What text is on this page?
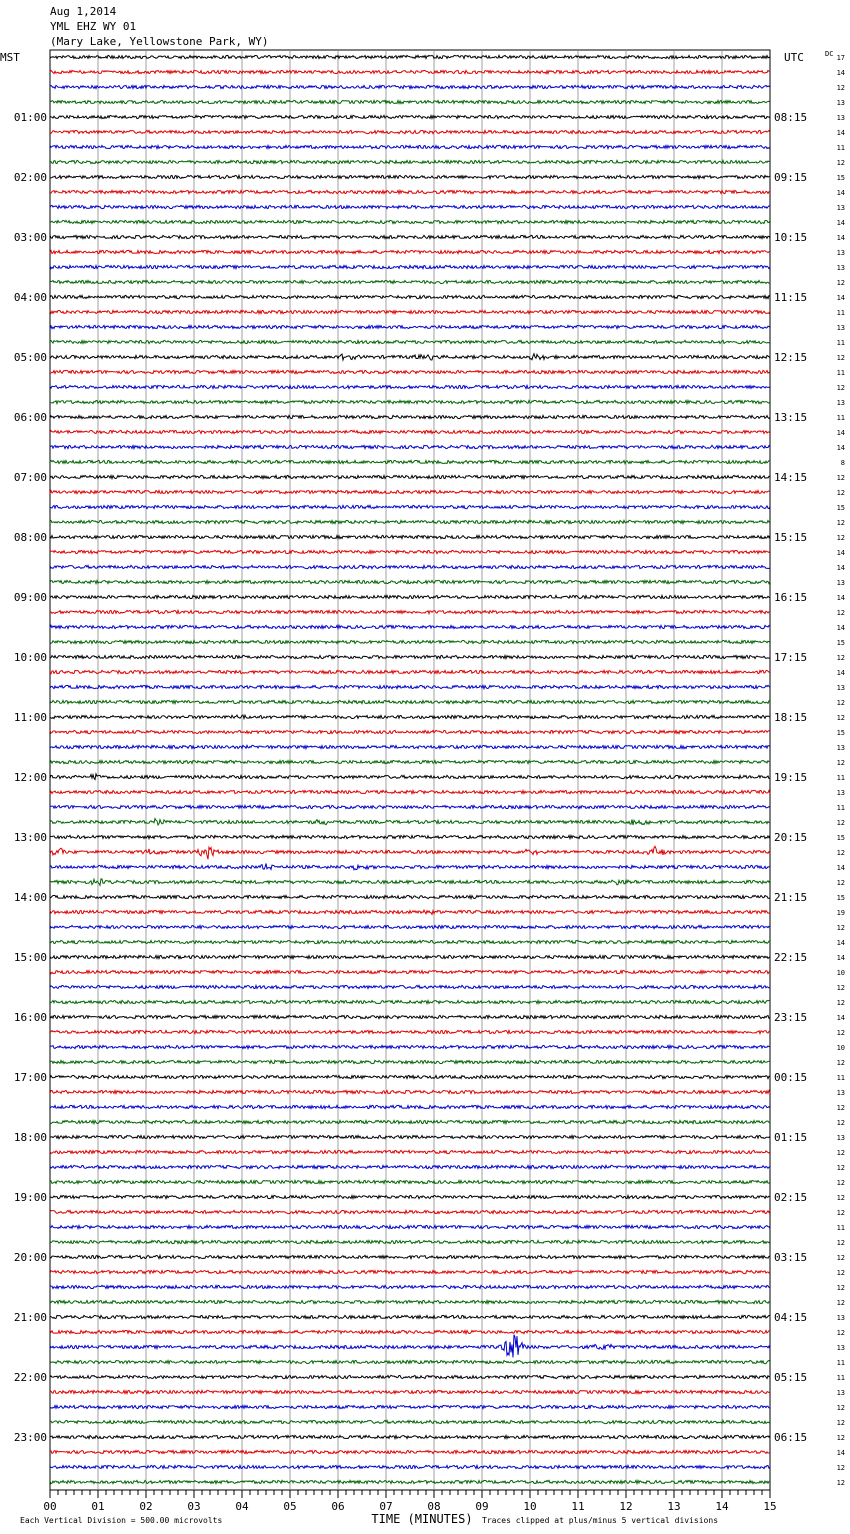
Aug 1,2014
YML EHZ WY 01
(Mary Lake, Yellowstone Park, WY)
MST	UTC
01:00
02:00
03:00
04:00
05:00
06:00
07:00
08:00
09:00
10:00
11:00
12:00
13:00
14:00
15:00
16:00
17:00
18:00
19:00
20:00
21:00
22:00
23:00
08:15
09:15
10:15
11:15
12:15
13:15
14:15
15:15
16:15
17:15
18:15
19:15
20:15
21:15
22:15
23:15
00:15
01:15
02:15
03:15
04:15
05:15
06:15
DC 17
14
12
13
13
14
11
12
15
14
13
14
14
13
13
12
14
11
13
11
12
11
12
13
11
14
14
8
12
12
15
12
12
14
14
13
14
12
14
15
12
14
13
12
12
15
13
12
11
13
11
12
15
12
14
12
15
19
12
14
14
10
12
12
14
12
10
12
11
13
12
12
13
12
12
12
12
12
11
12
12
12
12
12
13
12
13
11
11
13
12
12
12
14
12
12
00	01	02	03	04	05	06	07	08	09	10	11	12	13	14	15
TIME (MINUTES)
Each Vertical Division = 500.00 microvolts	Traces clipped at plus/minus 5 vertical divisions
